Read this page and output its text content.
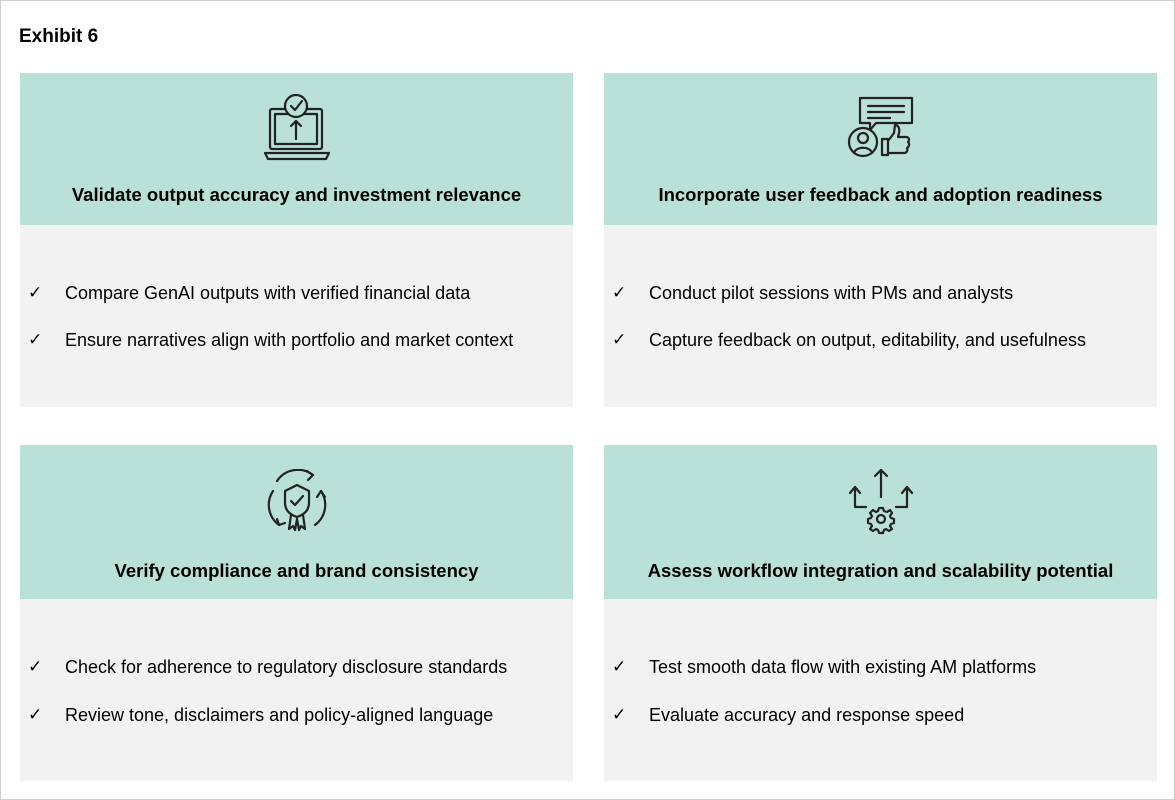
Exhibit 6
Validate output accuracy and investment relevance
✓ Compare GenAI outputs with verified financial data
✓ Ensure narratives align with portfolio and market context
Incorporate user feedback and adoption readiness
✓ Conduct pilot sessions with PMs and analysts
✓ Capture feedback on output, editability, and usefulness
Verify compliance and brand consistency
✓ Check for adherence to regulatory disclosure standards
✓ Review tone, disclaimers and policy-aligned language
Assess workflow integration and scalability potential
✓ Test smooth data flow with existing AM platforms
✓ Evaluate accuracy and response speed
